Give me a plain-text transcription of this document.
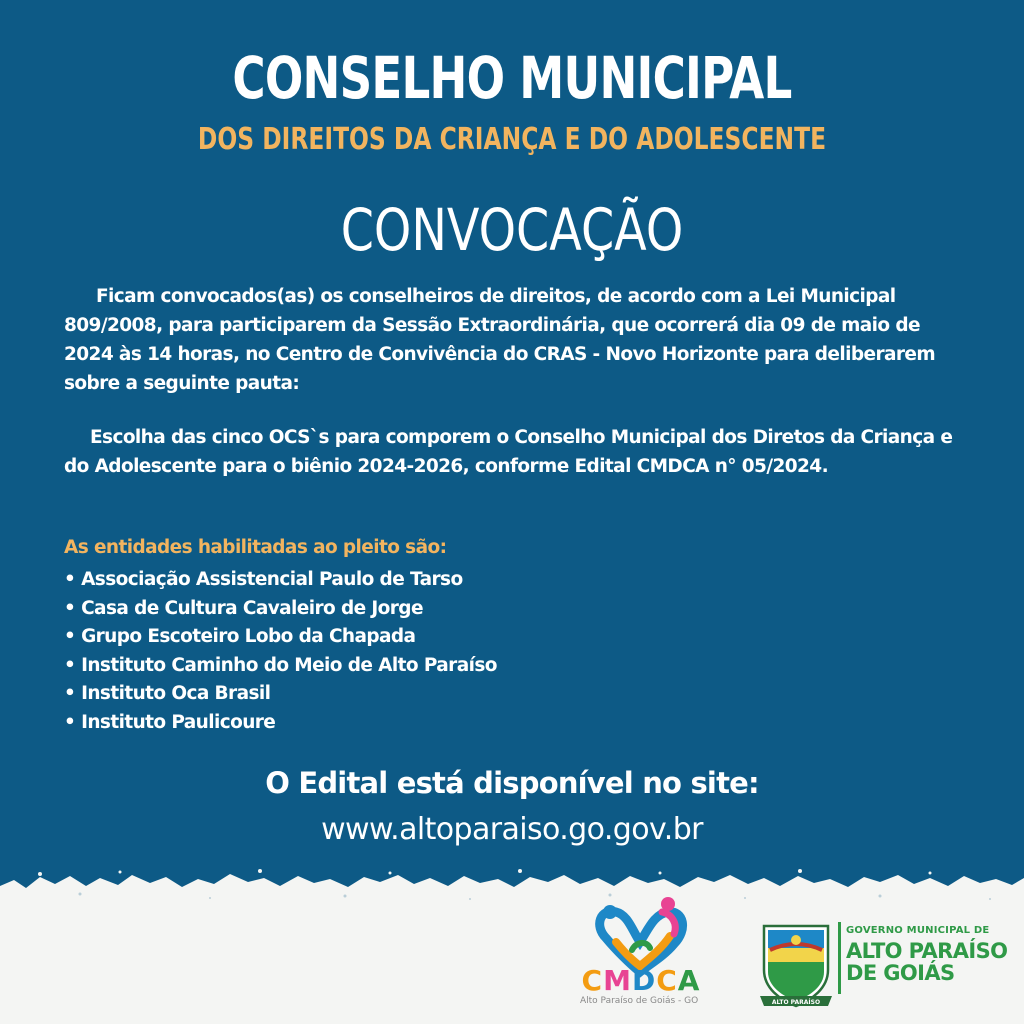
CONSELHO MUNICIPAL
DOS DIREITOS DA CRIANÇA E DO ADOLESCENTE
CONVOCAÇÃO

Ficam convocados(as) os conselheiros de direitos, de acordo com a Lei Municipal 809/2008, para participarem da Sessão Extraordinária, que ocorrerá dia 09 de maio de 2024 às 14 horas, no Centro de Convivência do CRAS - Novo Horizonte para deliberarem sobre a seguinte pauta:

Escolha das cinco OCS`s para comporem o Conselho Municipal dos Diretos da Criança e do Adolescente para o biênio 2024-2026, conforme Edital CMDCA n° 05/2024.

As entidades habilitadas ao pleito são:
• Associação Assistencial Paulo de Tarso
• Casa de Cultura Cavaleiro de Jorge
• Grupo Escoteiro Lobo da Chapada
• Instituto Caminho do Meio de Alto Paraíso
• Instituto Oca Brasil
• Instituto Paulicoure
O Edital está disponível no site:
www.altoparaiso.go.gov.br
CMDCA
Alto Paraíso de Goiás - GO	ALTO PARAÍSO
GOVERNO MUNICIPAL DE
ALTO PARAÍSO
DE GOIÁS
